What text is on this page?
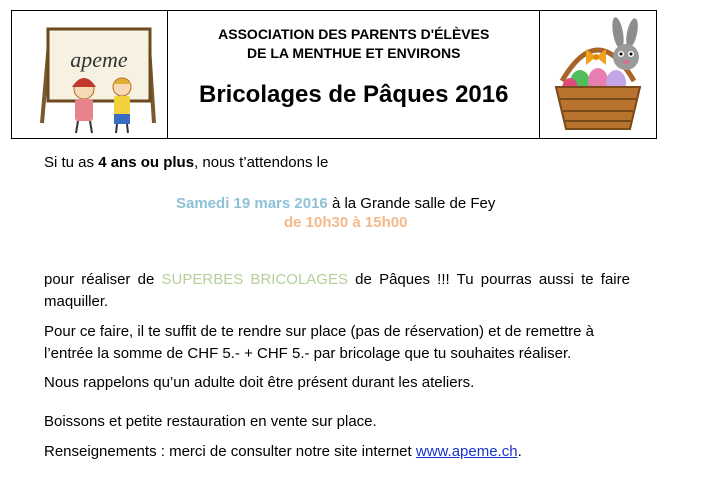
apeme
ASSOCIATION DES PARENTS D'ÉLÈVES
DE LA MENTHUE ET ENVIRONS
Bricolages de Pâques 2016

Si tu as 4 ans ou plus, nous t’attendons le

Samedi 19 mars 2016 à la Grande salle de Fey

de 10h30 à 15h00

pour réaliser de SUPERBES BRICOLAGES de Pâques !!! Tu pourras aussi te faire maquiller.

Pour ce faire, il te suffit de te rendre sur place (pas de réservation) et de remettre à l’entrée la somme de CHF 5.- + CHF 5.- par bricolage que tu souhaites réaliser.

Nous rappelons qu’un adulte doit être présent durant les ateliers.

Boissons et petite restauration en vente sur place.

Renseignements : merci de consulter notre site internet www.apeme.ch.
